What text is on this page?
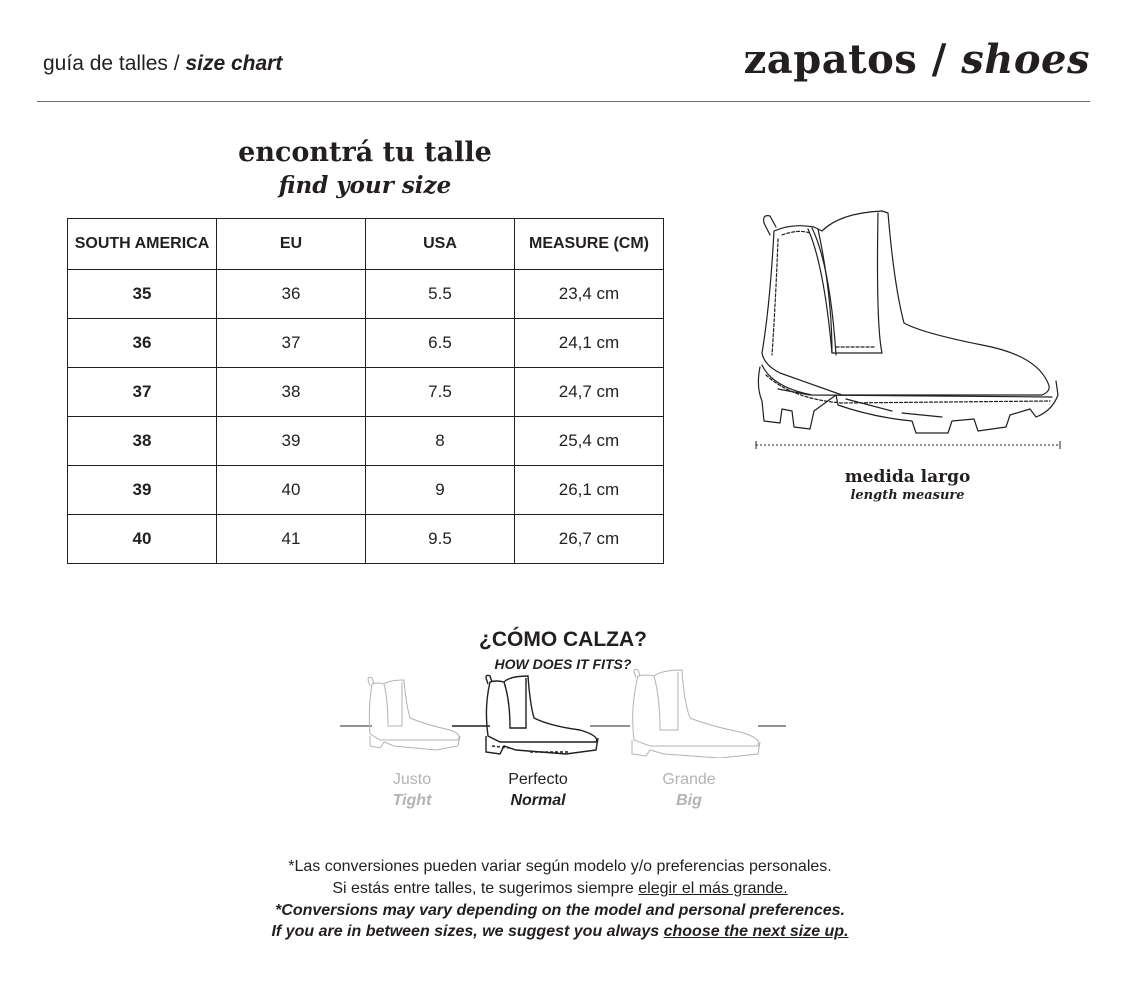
guía de talles / size chart	zapatos / shoes
encontrá tu talle
find your size
SOUTH AMERICA	EU	USA	MEASURE (CM)
35	36	5.5	23,4 cm
36	37	6.5	24,1 cm
37	38	7.5	24,7 cm
38	39	8	25,4 cm
39	40	9	26,1 cm
40	41	9.5	26,7 cm
medida largo
length measure
¿CÓMO CALZA?
HOW DOES IT FITS?
Justo
Tight
Perfecto
Normal
Grande
Big
*Las conversiones pueden variar según modelo y/o preferencias personales.
Si estás entre talles, te sugerimos siempre elegir el más grande.
*Conversions may vary depending on the model and personal preferences.
If you are in between sizes, we suggest you always choose the next size up.
